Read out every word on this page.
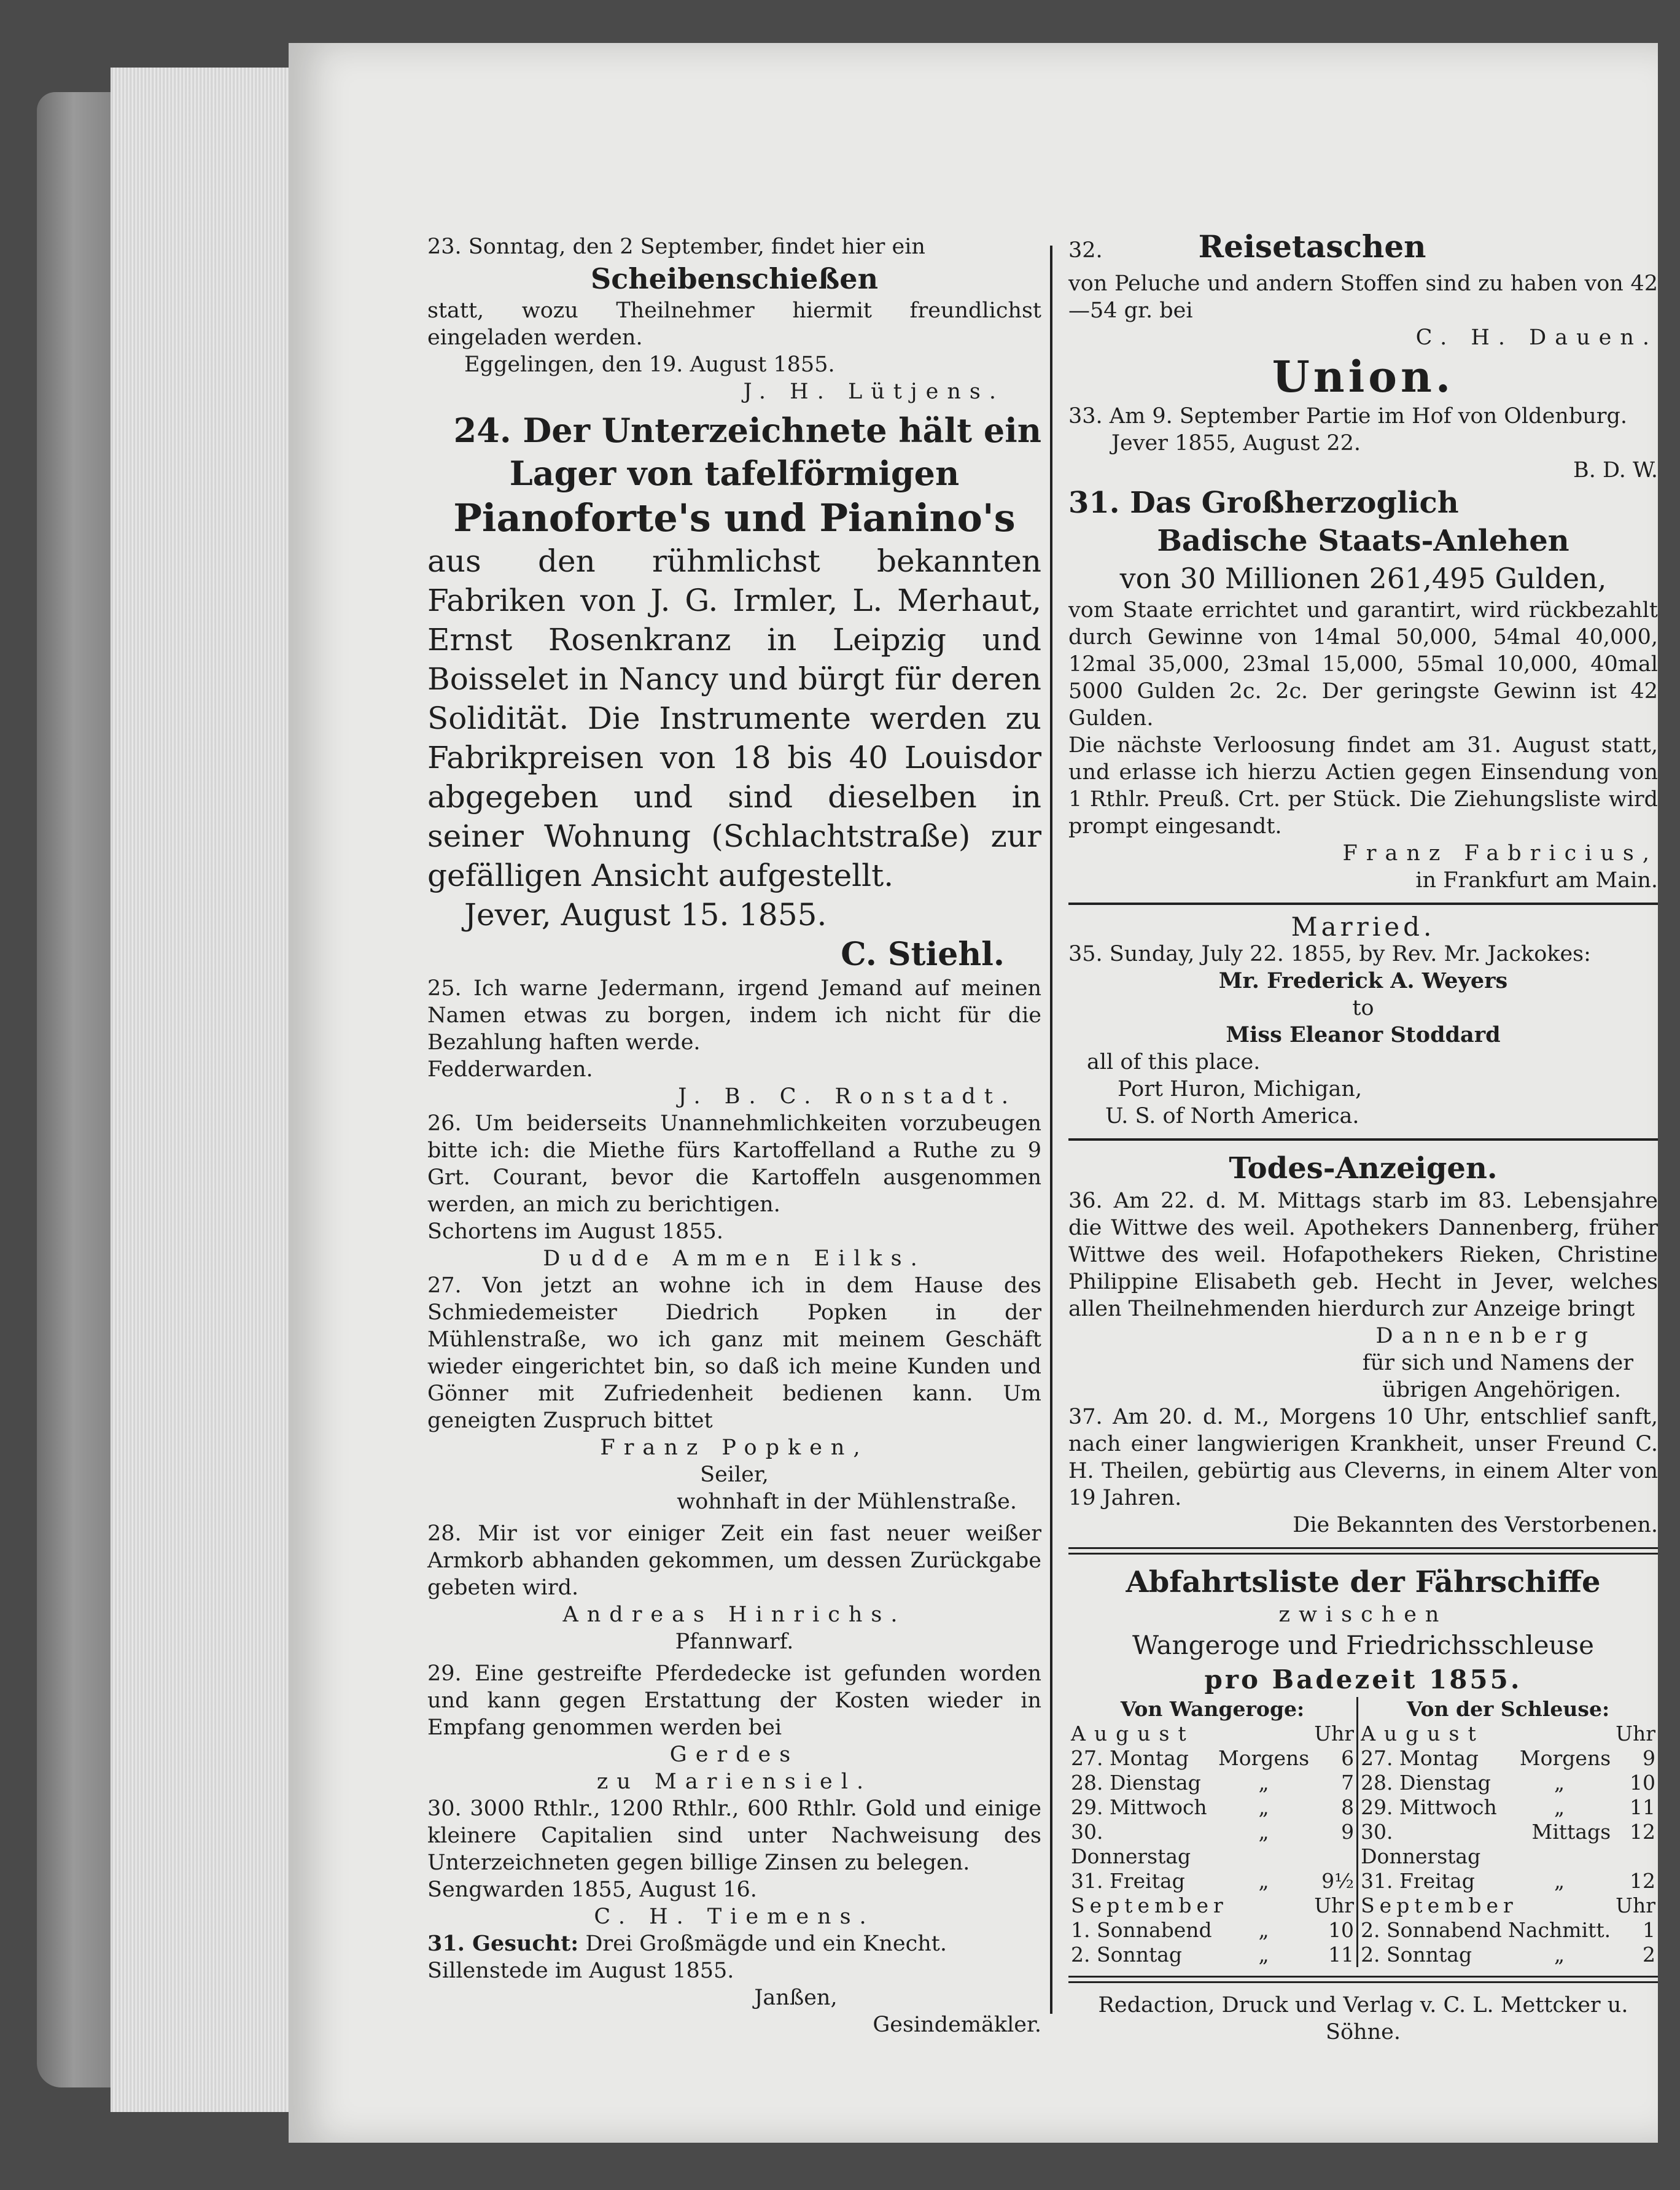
23. Sonntag, den 2 September, findet hier ein

Scheibenschießen

statt, wozu Theilnehmer hiermit freundlichst eingeladen werden.

Eggelingen, den 19. August 1855.

J. H. Lütjens.

24. Der Unterzeichnete hält ein

Lager von tafelförmigen

Pianoforte's und Pianino's

aus den rühmlichst bekannten Fabriken von J. G. Irmler, L. Merhaut, Ernst Rosenkranz in Leipzig und Boisselet in Nancy und bürgt für deren Solidität. Die Instrumente werden zu Fabrikpreisen von 18 bis 40 Louisdor abgegeben und sind dieselben in seiner Wohnung (Schlachtstraße) zur gefälligen Ansicht aufgestellt.

Jever, August 15. 1855.

C. Stiehl.

25. Ich warne Jedermann, irgend Jemand auf meinen Namen etwas zu borgen, indem ich nicht für die Bezahlung haften werde.

Fedderwarden.

J. B. C. Ronstadt.

26. Um beiderseits Unannehmlichkeiten vorzubeugen bitte ich: die Miethe fürs Kartoffelland a Ruthe zu 9 Grt. Courant, bevor die Kartoffeln ausgenommen werden, an mich zu berichtigen.

Schortens im August 1855.

Dudde Ammen Eilks.

27. Von jetzt an wohne ich in dem Hause des Schmiedemeister Diedrich Popken in der Mühlenstraße, wo ich ganz mit meinem Geschäft wieder eingerichtet bin, so daß ich meine Kunden und Gönner mit Zufriedenheit bedienen kann. Um geneigten Zuspruch bittet

Franz Popken,

Seiler,

wohnhaft in der Mühlenstraße.

28. Mir ist vor einiger Zeit ein fast neuer weißer Armkorb abhanden gekommen, um dessen Zurückgabe gebeten wird.

Andreas Hinrichs.

Pfannwarf.

29. Eine gestreifte Pferdedecke ist gefunden worden und kann gegen Erstattung der Kosten wieder in Empfang genommen werden bei

Gerdes

zu Mariensiel.

30. 3000 Rthlr., 1200 Rthlr., 600 Rthlr. Gold und einige kleinere Capitalien sind unter Nachweisung des Unterzeichneten gegen billige Zinsen zu belegen.

Sengwarden 1855, August 16.

C. H. Tiemens.

31. Gesucht: Drei Großmägde und ein Knecht.

Sillenstede im August 1855.

Janßen,

Gesindemäkler.

32.	Reisetaschen

von Peluche und andern Stoffen sind zu haben von 42—54 gr. bei

C. H. Dauen.

Union.

33. Am 9. September Partie im Hof von Oldenburg.

Jever 1855, August 22.

B. D. W.

31. Das Großherzoglich

Badische Staats-Anlehen

von 30 Millionen 261,495 Gulden,

vom Staate errichtet und garantirt, wird rückbezahlt durch Gewinne von 14mal 50,000, 54mal 40,000, 12mal 35,000, 23mal 15,000, 55mal 10,000, 40mal 5000 Gulden 2c. 2c. Der geringste Gewinn ist 42 Gulden.

Die nächste Verloosung findet am 31. August statt, und erlasse ich hierzu Actien gegen Einsendung von 1 Rthlr. Preuß. Crt. per Stück. Die Ziehungsliste wird prompt eingesandt.

Franz Fabricius,

in Frankfurt am Main.

Married.

35. Sunday, July 22. 1855, by Rev. Mr. Jackokes:

Mr. Frederick A. Weyers

to

Miss Eleanor Stoddard

all of this place.

Port Huron, Michigan,

U. S. of North America.

Todes-Anzeigen.

36. Am 22. d. M. Mittags starb im 83. Lebensjahre die Wittwe des weil. Apothekers Dannenberg, früher Wittwe des weil. Hofapothekers Rieken, Christine Philippine Elisabeth geb. Hecht in Jever, welches allen Theilnehmenden hierdurch zur Anzeige bringt

Dannenberg

für sich und Namens der

übrigen Angehörigen.

37. Am 20. d. M., Morgens 10 Uhr, entschlief sanft, nach einer langwierigen Krankheit, unser Freund C. H. Theilen, gebürtig aus Cleverns, in einem Alter von 19 Jahren.

Die Bekannten des Verstorbenen.

Abfahrtsliste der Fährschiffe

zwischen

Wangeroge und Friedrichsschleuse

pro Badezeit 1855.

Von Wangeroge:			Von der Schleuse:		
August		Uhr	August		Uhr
27. Montag	Morgens	6	27. Montag	Morgens	9
28. Dienstag	„	7	28. Dienstag	„	10
29. Mittwoch	„	8	29. Mittwoch	„	11
30. Donnerstag	„	9	30. Donnerstag	Mittags	12
31. Freitag	„	9½	31. Freitag	„	12
September		Uhr	September		Uhr
1. Sonnabend	„	10	2. Sonnabend	Nachmitt.	1
2. Sonntag	„	11	2. Sonntag	„	2

Redaction, Druck und Verlag v. C. L. Mettcker u. Söhne.
